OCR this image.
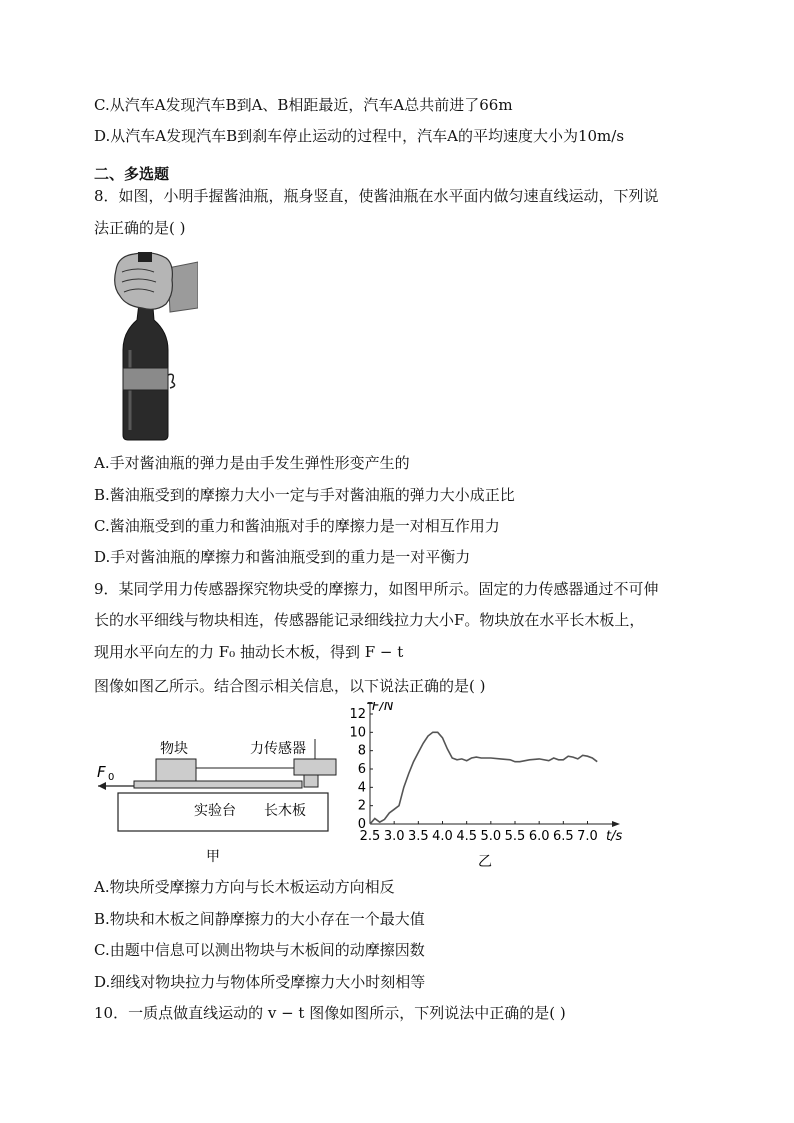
C.从汽车A发现汽车B到A、B相距最近，汽车A总共前进了66m
D.从汽车A发现汽车B到刹车停止运动的过程中，汽车A的平均速度大小为10m/s
二、多选题
8．如图，小明手握酱油瓶，瓶身竖直，使酱油瓶在水平面内做匀速直线运动，下列说
法正确的是( )
A.手对酱油瓶的弹力是由手发生弹性形变产生的
B.酱油瓶受到的摩擦力大小一定与手对酱油瓶的弹力大小成正比
C.酱油瓶受到的重力和酱油瓶对手的摩擦力是一对相互作用力
D.手对酱油瓶的摩擦力和酱油瓶受到的重力是一对平衡力
9．某同学用力传感器探究物块受的摩擦力，如图甲所示。固定的力传感器通过不可伸
长的水平细线与物块相连，传感器能记录细线拉力大小F。物块放在水平长木板上，
现用水平向左的力 F₀ 抽动长木板，得到 F − t
图像如图乙所示。结合图示相关信息，以下说法正确的是( )
F 0
物块	力传感器
实验台 长木板
甲
0
2
4
6
8
10
12
2.5 3.0 3.5 4.0 4.5 5.0 5.5 6.0 6.5 7.0
F/N
t/s
乙
A.物块所受摩擦力方向与长木板运动方向相反
B.物块和木板之间静摩擦力的大小存在一个最大值
C.由题中信息可以测出物块与木板间的动摩擦因数
D.细线对物块拉力与物体所受摩擦力大小时刻相等
10．一质点做直线运动的 v − t 图像如图所示，下列说法中正确的是( )
